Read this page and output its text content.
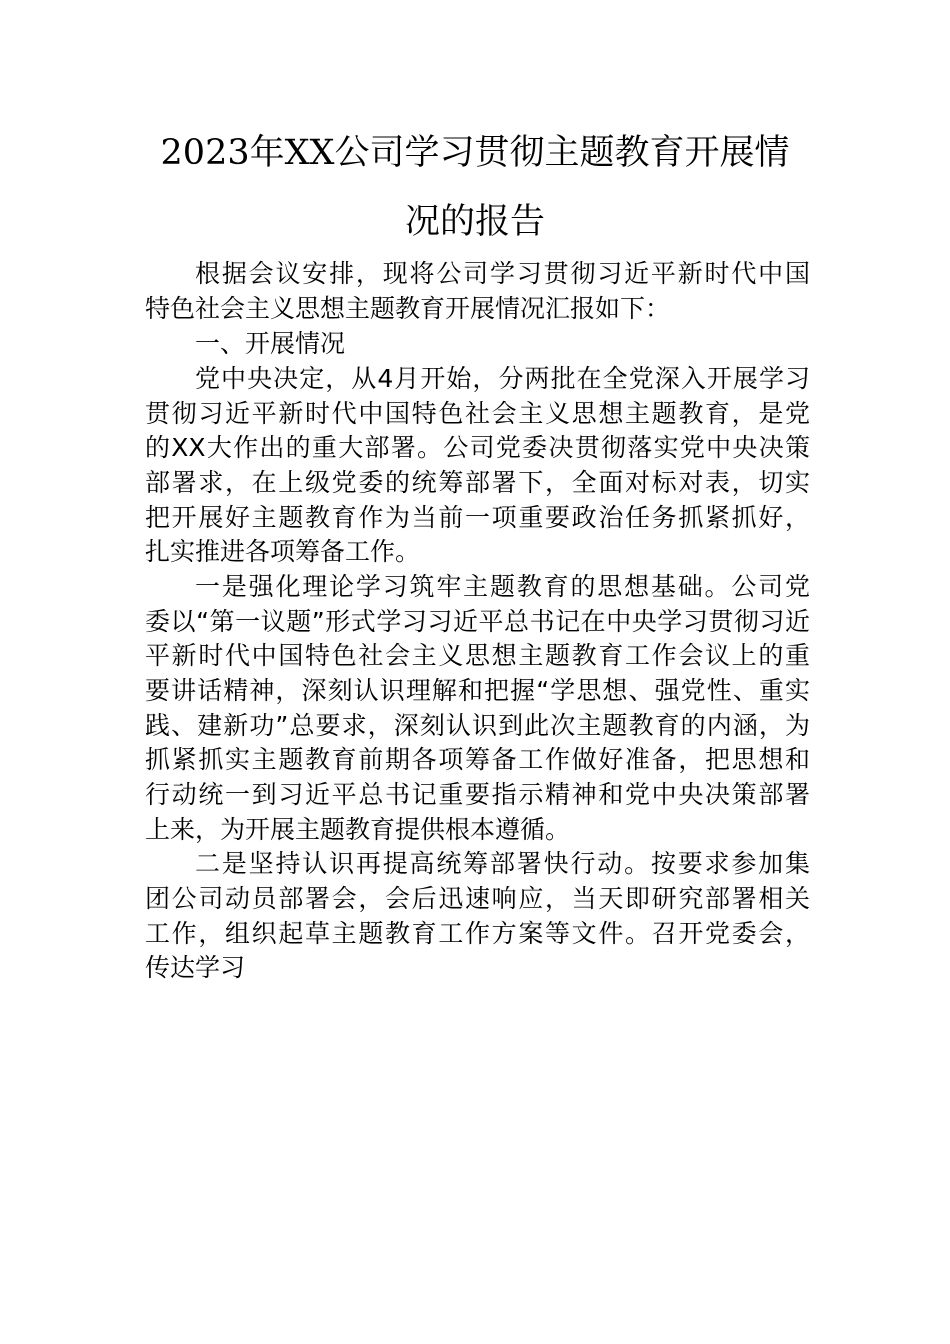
2023年XX公司学习贯彻主题教育开展情
况的报告
根据会议安排，现将公司学习贯彻习近平新时代中国
特色社会主义思想主题教育开展情况汇报如下：
一、开展情况
党中央决定，从4月开始，分两批在全党深入开展学习
贯彻习近平新时代中国特色社会主义思想主题教育，是党
的XX大作出的重大部署。公司党委决贯彻落实党中央决策
部署求，在上级党委的统筹部署下，全面对标对表，切实
把开展好主题教育作为当前一项重要政治任务抓紧抓好，
扎实推进各项筹备工作。
一是强化理论学习筑牢主题教育的思想基础。公司党
委以“第一议题”形式学习习近平总书记在中央学习贯彻习近
平新时代中国特色社会主义思想主题教育工作会议上的重
要讲话精神，深刻认识理解和把握“学思想、强党性、重实
践、建新功”总要求，深刻认识到此次主题教育的内涵，为
抓紧抓实主题教育前期各项筹备工作做好准备，把思想和
行动统一到习近平总书记重要指示精神和党中央决策部署
上来，为开展主题教育提供根本遵循。
二是坚持认识再提高统筹部署快行动。按要求参加集
团公司动员部署会，会后迅速响应，当天即研究部署相关
工作，组织起草主题教育工作方案等文件。召开党委会，
传达学习
